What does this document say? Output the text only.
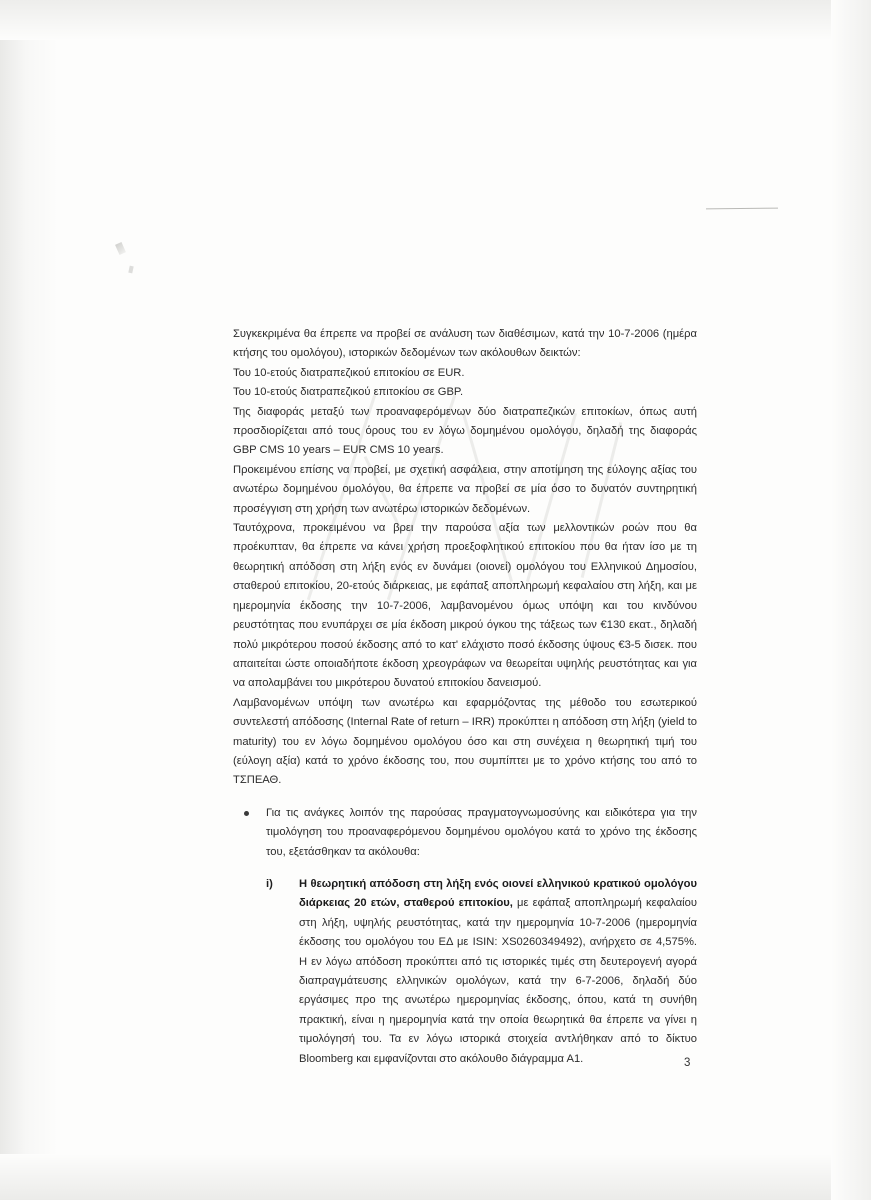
Συγκεκριμένα θα έπρεπε να προβεί σε ανάλυση των διαθέσιμων, κατά την 10-7-2006 (ημέρα κτήσης του ομολόγου), ιστορικών δεδομένων των ακόλουθων δεικτών:

Του 10-ετούς διατραπεζικού επιτοκίου σε EUR.

Του 10-ετούς διατραπεζικού επιτοκίου σε GBP.

Της διαφοράς μεταξύ των προαναφερόμενων δύο διατραπεζικών επιτοκίων, όπως αυτή προσδιορίζεται από τους όρους του εν λόγω δομημένου ομολόγου, δηλαδή της διαφοράς GBP CMS 10 years – EUR CMS 10 years.

Προκειμένου επίσης να προβεί, με σχετική ασφάλεια, στην αποτίμηση της εύλογης αξίας του ανωτέρω δομημένου ομολόγου, θα έπρεπε να προβεί σε μία όσο το δυνατόν συντηρητική προσέγγιση στη χρήση των ανωτέρω ιστορικών δεδομένων.

Ταυτόχρονα, προκειμένου να βρει την παρούσα αξία των μελλοντικών ροών που θα προέκυπταν, θα έπρεπε να κάνει χρήση προεξοφλητικού επιτοκίου που θα ήταν ίσο με τη θεωρητική απόδοση στη λήξη ενός εν δυνάμει (οιονεί) ομολόγου του Ελληνικού Δημοσίου, σταθερού επιτοκίου, 20-ετούς διάρκειας, με εφάπαξ αποπληρωμή κεφαλαίου στη λήξη, και με ημερομηνία έκδοσης την 10-7-2006, λαμβανομένου όμως υπόψη και του κινδύνου ρευστότητας που ενυπάρχει σε μία έκδοση μικρού όγκου της τάξεως των €130 εκατ., δηλαδή πολύ μικρότερου ποσού έκδοσης από το κατ' ελάχιστο ποσό έκδοσης ύψους €3-5 δισεκ. που απαιτείται ώστε οποιαδήποτε έκδοση χρεογράφων να θεωρείται υψηλής ρευστότητας και για να απολαμβάνει του μικρότερου δυνατού επιτοκίου δανεισμού.

Λαμβανομένων υπόψη των ανωτέρω και εφαρμόζοντας της μέθοδο του εσωτερικού συντελεστή απόδοσης (Internal Rate of return – IRR) προκύπτει η απόδοση στη λήξη (yield to maturity) του εν λόγω δομημένου ομολόγου όσο και στη συνέχεια η θεωρητική τιμή του (εύλογη αξία) κατά το χρόνο έκδοσης του, που συμπίπτει με το χρόνο κτήσης του από το ΤΣΠΕΑΘ.

Για τις ανάγκες λοιπόν της παρούσας πραγματογνωμοσύνης και ειδικότερα για την τιμολόγηση του προαναφερόμενου δομημένου ομολόγου κατά το χρόνο της έκδοσης του, εξετάσθηκαν τα ακόλουθα:
i) Η θεωρητική απόδοση στη λήξη ενός οιονεί ελληνικού κρατικού ομολόγου διάρκειας 20 ετών, σταθερού επιτοκίου, με εφάπαξ αποπληρωμή κεφαλαίου στη λήξη, υψηλής ρευστότητας, κατά την ημερομηνία 10-7-2006 (ημερομηνία έκδοσης του ομολόγου του ΕΔ με ISIN: XS0260349492), ανήρχετο σε 4,575%. Η εν λόγω απόδοση προκύπτει από τις ιστορικές τιμές στη δευτερογενή αγορά διαπραγμάτευσης ελληνικών ομολόγων, κατά την 6-7-2006, δηλαδή δύο εργάσιμες προ της ανωτέρω ημερομηνίας έκδοσης, όπου, κατά τη συνήθη πρακτική, είναι η ημερομηνία κατά την οποία θεωρητικά θα έπρεπε να γίνει η τιμολόγησή του. Τα εν λόγω ιστορικά στοιχεία αντλήθηκαν από το δίκτυο Bloomberg και εμφανίζονται στο ακόλουθο διάγραμμα Α1.	3
